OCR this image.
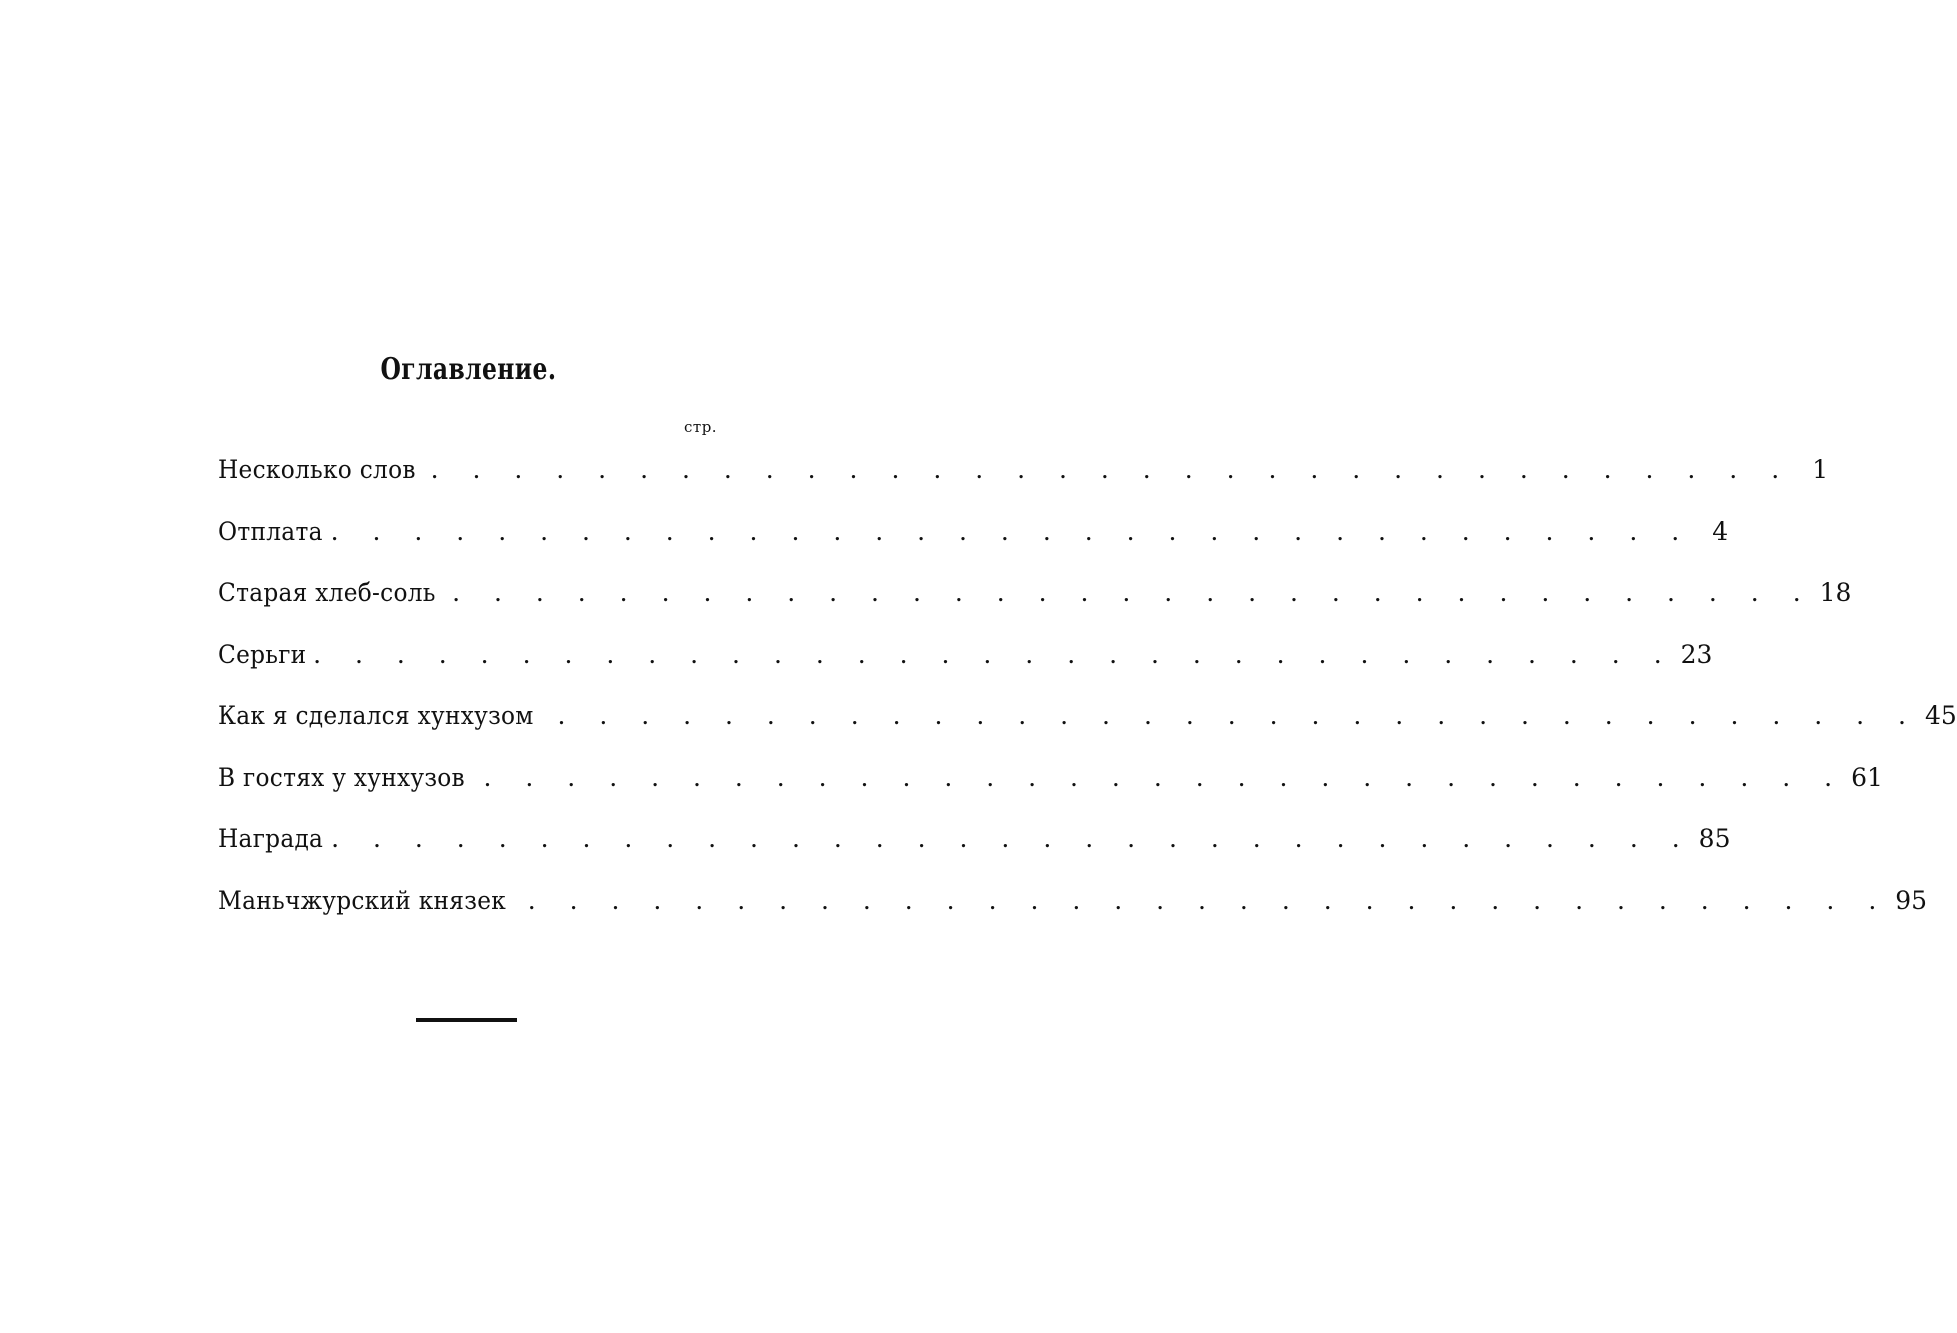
Оглавление.
стр.
Несколько слов . . . . . . . . . . . . . . . . . . . . . . . . . . . . . . . . . 1
Отплата . . . . . . . . . . . . . . . . . . . . . . . . . . . . . . . . . 4
Старая хлеб-соль . . . . . . . . . . . . . . . . . . . . . . . . . . . . . . . . . 18
Серьги . . . . . . . . . . . . . . . . . . . . . . . . . . . . . . . . . 23
Как я сделался хунхузом . . . . . . . . . . . . . . . . . . . . . . . . . . . . . . . . . 45
В гостях у хунхузов . . . . . . . . . . . . . . . . . . . . . . . . . . . . . . . . . 61
Награда . . . . . . . . . . . . . . . . . . . . . . . . . . . . . . . . . 85
Маньчжурский князек . . . . . . . . . . . . . . . . . . . . . . . . . . . . . . . . . 95
